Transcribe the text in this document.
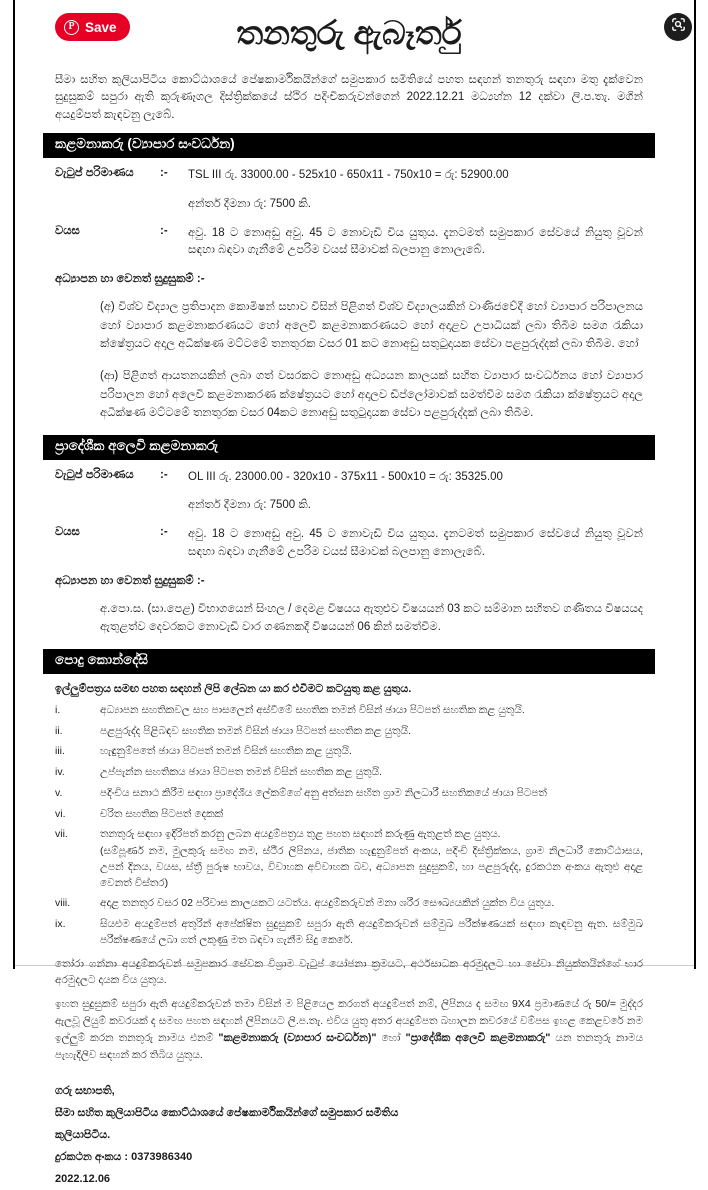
P Save	තනතුරු ඇබෑර්තු

සීමා සහිත කුලියාපිටිය කොට්ඨාශයේ පේෂකාර්මිකයින්ගේ සමුපකාර සමිතියේ පහත සඳහන් තනතුරු සඳහා මතු දැක්වෙන සුදුසුකම් සපුරා ඇති කුරුණෑගල දිස්ත්‍රික්කයේ ස්ථිර පදිංචිකරුවන්ගෙන් 2022.12.21 මධ්‍යහ්න 12 දක්වා ලි.ප.තැ. මගින් අයදුම්පත් කැඳවනු ලැබේ.

කළමනාකරු (ව්‍යාපාර සංවර්ධන)
වැටුප් පරිමාණය	:-	TSL III රු. 33000.00 - 525x10 - 650x11 - 750x10 = රු: 52900.00
අන්තර් දීමනා රු: 7500 කි.
වයස	:-	අවු. 18 ට නොඅඩු අවු. 45 ට නොවැඩි විය යුතුය. දැනටමත් සමුපකාර සේවයේ නියුතු වූවන් සඳහා බඳවා ගැනීමේ උපරිම වයස් සීමාවක් බලපානු නොලැබේ.
අධ්‍යාපන හා වෙනත් සුදුසුකම් :-

(අ) විශ්ව විද්‍යාල ප්‍රතිපාදන කොමිෂන් සභාව විසින් පිළිගත් විශ්ව විද්‍යාලයකින් වාණිජවේදී හෝ ව්‍යාපාර පරිපාලනය හෝ ව්‍යාපාර කළමනාකරණයට හෝ අලෙවි කළමනාකරණයට හෝ අදාළව උපාධියක් ලබා තිබීම සමග රැකියා ක්ෂේත්‍රයට අදාල අධීක්ෂණ මට්ටමේ තනතුරක වසර 01 කට නොඅඩු සතුටුදායක සේවා පළපුරුද්දක් ලබා තිබීම. හෝ

(ආ) පිළිගත් ආයතනයකින් ලබා ගත් වසරකට නොඅඩු අධ්‍යයන කාලයක් සහිත ව්‍යාපාර සංවර්ධනය හෝ ව්‍යාපාර පරිපාලන හෝ අලෙවි කළමනාකරණ ක්ෂේත්‍රයට හෝ අදාලව ඩිප්ලෝමාවක් සමත්වීම සමග රැකියා ක්ෂේත්‍රයට අදාල අධීක්ෂණ මට්ටමේ තනතුරක වසර 04කට නොඅඩු සතුටුදායක සේවා පළපුරුද්දක් ලබා තිබීම.

ප්‍රාදේශීක අලෙවි කළමනාකරු
වැටුප් පරිමාණය	:-	OL III රු. 23000.00 - 320x10 - 375x11 - 500x10 = රු: 35325.00
අන්තර් දීමනා රු: 7500 කි.
වයස	:-	අවු. 18 ට නොඅඩු අවු. 45 ට නොවැඩි විය යුතුය. දැනටමත් සමුපකාර සේවයේ නියුතු වූවන් සඳහා බඳවා ගැනීමේ උපරිම වයස් සීමාවක් බලපානු නොලැබේ.
අධ්‍යාපන හා වෙනත් සුදුසුකම් :-

අ.පො.ස. (සා.පෙළ) විභාගයෙන් සිංහල / දෙමළ විෂයය ඇතුළුව විෂයයන් 03 කට සම්මාන සහිතව ගණිතය විෂයයද ඇතුළත්ව දෙවරකට නොවැඩි වාර ගණනකදී විෂයයන් 06 කින් සමත්වීම.

පොදු කොන්දේසි
ඉල්ලුම්පත්‍රය සමඟ පහත සඳහන් ලිපි ලේඛන යා කර එවීමට කටයුතු කළ යුතුය.
i.	අධ්‍යාපන සහතිකවල සහ පාසලෙන් අස්වීමේ සහතික තමන් විසින් ඡායා පිටපත් සහතික කළ යුතුයි.
ii.	පළපුරුද්ද පිළිබඳව සහතික තමන් විසින් ඡායා පිටපත් සහතික කළ යුතුයි.
iii.	හැඳුනුම්පතේ ඡායා පිටපත් තමන් විසින් සහතික කළ යුතුයි.
iv.	උප්පැන්න සහතිකය ඡායා පිටපත තමන් විසින් සහතික කළ යුතුයි.
v.	පදිංචිය සනාථ කිරීම සඳහා ප්‍රාදේශීය ලේකම්ගේ අනු අත්සන සහිත ග්‍රාම නිලධාරී සහතිකයේ ඡායා පිටපත්
vi.	චරිත සහතික පිටපත් දෙකක්
vii.	තනතුරු සඳහා ඉදිරිපත් කරනු ලබන අයදුම්පත්‍රය තුළ පහත සඳහන් කරුණු ඇතුළත් කළ යුතුය.
(සම්පූර්ණ නම, මුලකුරු සමඟ නම, ස්ථීර ලිපිනය, ජාතික හැඳුනුම්පත් අංකය, පදිංචි දිස්ත්‍රික්කය, ග්‍රාම නිලධාරී කොට්ඨාසය, උපන් දිනය, වයස, ස්ත්‍රී පුරුෂ භාවය, විවාහක අවිවාහක බව, අධ්‍යාපන සුදුසුකම්, හා පළපුරුද්ද, දුරකථන අංකය ඇතුළු අදාළ වෙනත් විස්තර)
viii.	අදාළ තනතුර වසර 02 පරිවාස කාලයකට යටත්ය. අයදුම්කරුවන් මනා ශරීර සෞඛ්‍යයකින් යුක්ත විය යුතුය.
ix.	සියළුම අයදුම්පත් අතුරින් අපේක්ෂිත සුදුසුකම් සපුරා ඇති අයදුම්කරුවන් සම්මුඛ පරීක්ෂණයක් සඳහා කැඳවනු ඇත. සම්මුඛ පරීක්ෂණයේ ලබා ගත් ලකුණු මත බඳවා ගැනීම සිදු කෙරේ.

තෝරා ගන්නා අයදුම්කරුවන් සමුපකාර සේවක විශ්‍රාම වැටුප් යෝජනා ක්‍රමයට, අර්ථසාධක අරමුදලට හා සේවා නියුක්තයින්ගේ භාර අරමුදලට දායක විය යුතුය.

ඉහත සුදුසුකම් සපුරා ඇති අයදුම්කරුවන් තමා විසින් ම පිළියෙල කරගත් අයදුම්පත් නම්, ලිපිනය ද සමඟ 9X4 ප්‍රමාණයේ රු 50/= මුද්දර ඇලවූ ලියුම් කවරයක් ද සමඟ පහත සඳහන් ලිපිනයට ලි.ප.තැ. එවිය යුතු අතර අයදුම්පත බහාලන කවරයේ වම්පස ඉහළ කෙළවරේ නම ඉල්ලුම් කරන තනතුරු නාමය එනම් "කළමනාකරු (ව්‍යාපාර සංවර්ධන)" හෝ "ප්‍රාදේශීක අලෙවි කළමනාකරු" යන තනතුරු නාමය පැහැදිලිව සඳහන් කර තිබිය යුතුය.

ගරු සභාපති,
සීමා සහිත කුලියාපිටිය කොට්ඨාශයේ පේෂකාර්මිකයින්ගේ සමුපකාර සමිතිය
කුලියාපිටිය.
දුරකථන අංකය : 0373986340
2022.12.06
